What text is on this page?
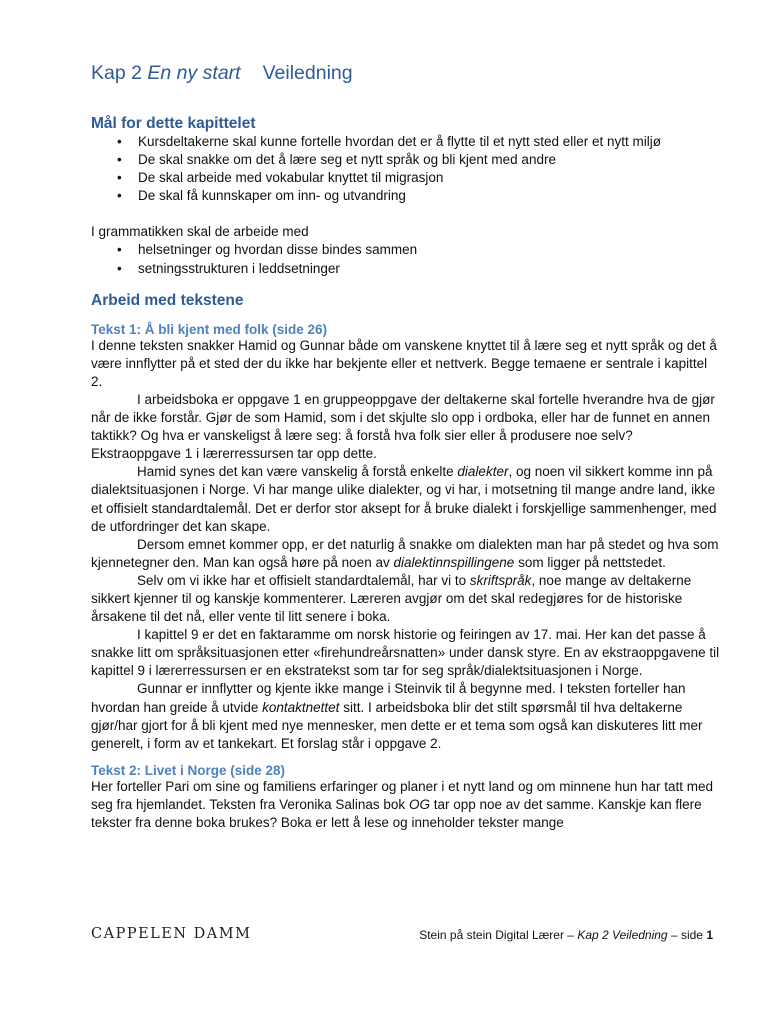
Kap 2 En ny start Veiledning
Mål for dette kapittelet
• Kursdeltakerne skal kunne fortelle hvordan det er å flytte til et nytt sted eller et nytt miljø
• De skal snakke om det å lære seg et nytt språk og bli kjent med andre
• De skal arbeide med vokabular knyttet til migrasjon
• De skal få kunnskaper om inn- og utvandring

I grammatikken skal de arbeide med

• helsetninger og hvordan disse bindes sammen
• setningsstrukturen i leddsetninger
Arbeid med tekstene
Tekst 1: Å bli kjent med folk (side 26)

I denne teksten snakker Hamid og Gunnar både om vanskene knyttet til å lære seg et nytt språk og det å være innflytter på et sted der du ikke har bekjente eller et nettverk. Begge temaene er sentrale i kapittel 2.

I arbeidsboka er oppgave 1 en gruppeoppgave der deltakerne skal fortelle hverandre hva de gjør når de ikke forstår. Gjør de som Hamid, som i det skjulte slo opp i ordboka, eller har de funnet en annen taktikk? Og hva er vanskeligst å lære seg: å forstå hva folk sier eller å produsere noe selv? Ekstraoppgave 1 i lærerressursen tar opp dette.

Hamid synes det kan være vanskelig å forstå enkelte dialekter, og noen vil sikkert komme inn på dialektsituasjonen i Norge. Vi har mange ulike dialekter, og vi har, i motsetning til mange andre land, ikke et offisielt standardtalemål. Det er derfor stor aksept for å bruke dialekt i forskjellige sammenhenger, med de utfordringer det kan skape.

Dersom emnet kommer opp, er det naturlig å snakke om dialekten man har på stedet og hva som kjennetegner den. Man kan også høre på noen av dialektinnspillingene som ligger på nettstedet.

Selv om vi ikke har et offisielt standardtalemål, har vi to skriftspråk, noe mange av deltakerne sikkert kjenner til og kanskje kommenterer. Læreren avgjør om det skal redegjøres for de historiske årsakene til det nå, eller vente til litt senere i boka.

I kapittel 9 er det en faktaramme om norsk historie og feiringen av 17. mai. Her kan det passe å snakke litt om språksituasjonen etter «firehundreårsnatten» under dansk styre. En av ekstraoppgavene til kapittel 9 i lærerressursen er en ekstratekst som tar for seg språk/dialektsituasjonen i Norge.

Gunnar er innflytter og kjente ikke mange i Steinvik til å begynne med. I teksten forteller han hvordan han greide å utvide kontaktnettet sitt. I arbeidsboka blir det stilt spørsmål til hva deltakerne gjør/har gjort for å bli kjent med nye mennesker, men dette er et tema som også kan diskuteres litt mer generelt, i form av et tankekart. Et forslag står i oppgave 2.

Tekst 2: Livet i Norge (side 28)

Her forteller Pari om sine og familiens erfaringer og planer i et nytt land og om minnene hun har tatt med seg fra hjemlandet. Teksten fra Veronika Salinas bok OG tar opp noe av det samme. Kanskje kan flere tekster fra denne boka brukes? Boka er lett å lese og inneholder tekster mange

CAPPELEN DAMM	Stein på stein Digital Lærer – Kap 2 Veiledning – side 1
